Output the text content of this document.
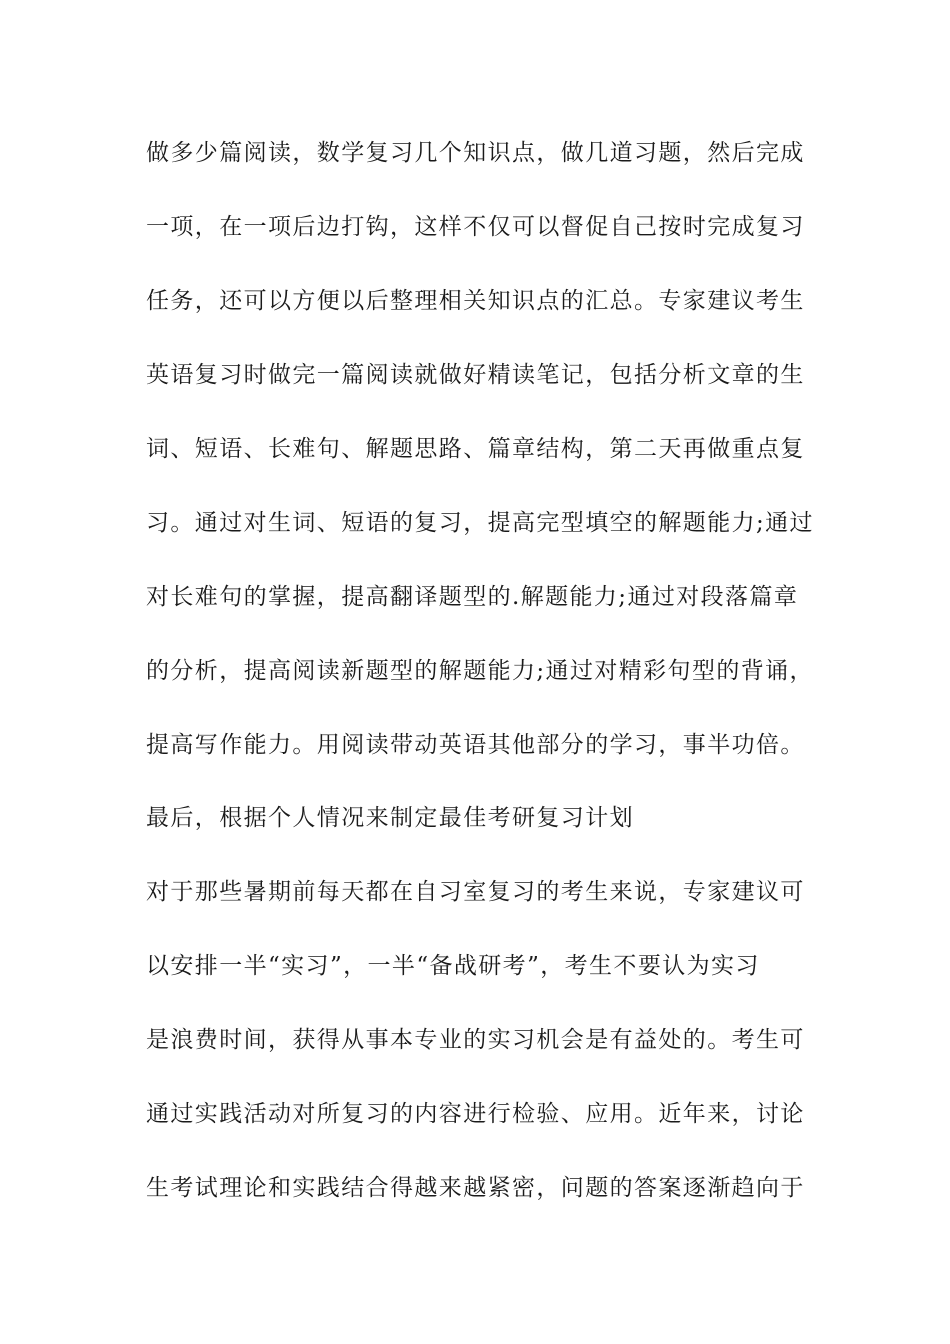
做多少篇阅读，数学复习几个知识点，做几道习题，然后完成
一项，在一项后边打钩，这样不仅可以督促自己按时完成复习
任务，还可以方便以后整理相关知识点的汇总。专家建议考生
英语复习时做完一篇阅读就做好精读笔记，包括分析文章的生
词、短语、长难句、解题思路、篇章结构，第二天再做重点复
习。通过对生词、短语的复习，提高完型填空的解题能力;通过
对长难句的掌握，提高翻译题型的.解题能力;通过对段落篇章
的分析，提高阅读新题型的解题能力;通过对精彩句型的背诵，
提高写作能力。用阅读带动英语其他部分的学习，事半功倍。
最后，根据个人情况来制定最佳考研复习计划
对于那些暑期前每天都在自习室复习的考生来说，专家建议可
以安排一半“实习”，一半“备战研考”，考生不要认为实习
是浪费时间，获得从事本专业的实习机会是有益处的。考生可
通过实践活动对所复习的内容进行检验、应用。近年来，讨论
生考试理论和实践结合得越来越紧密，问题的答案逐渐趋向于
